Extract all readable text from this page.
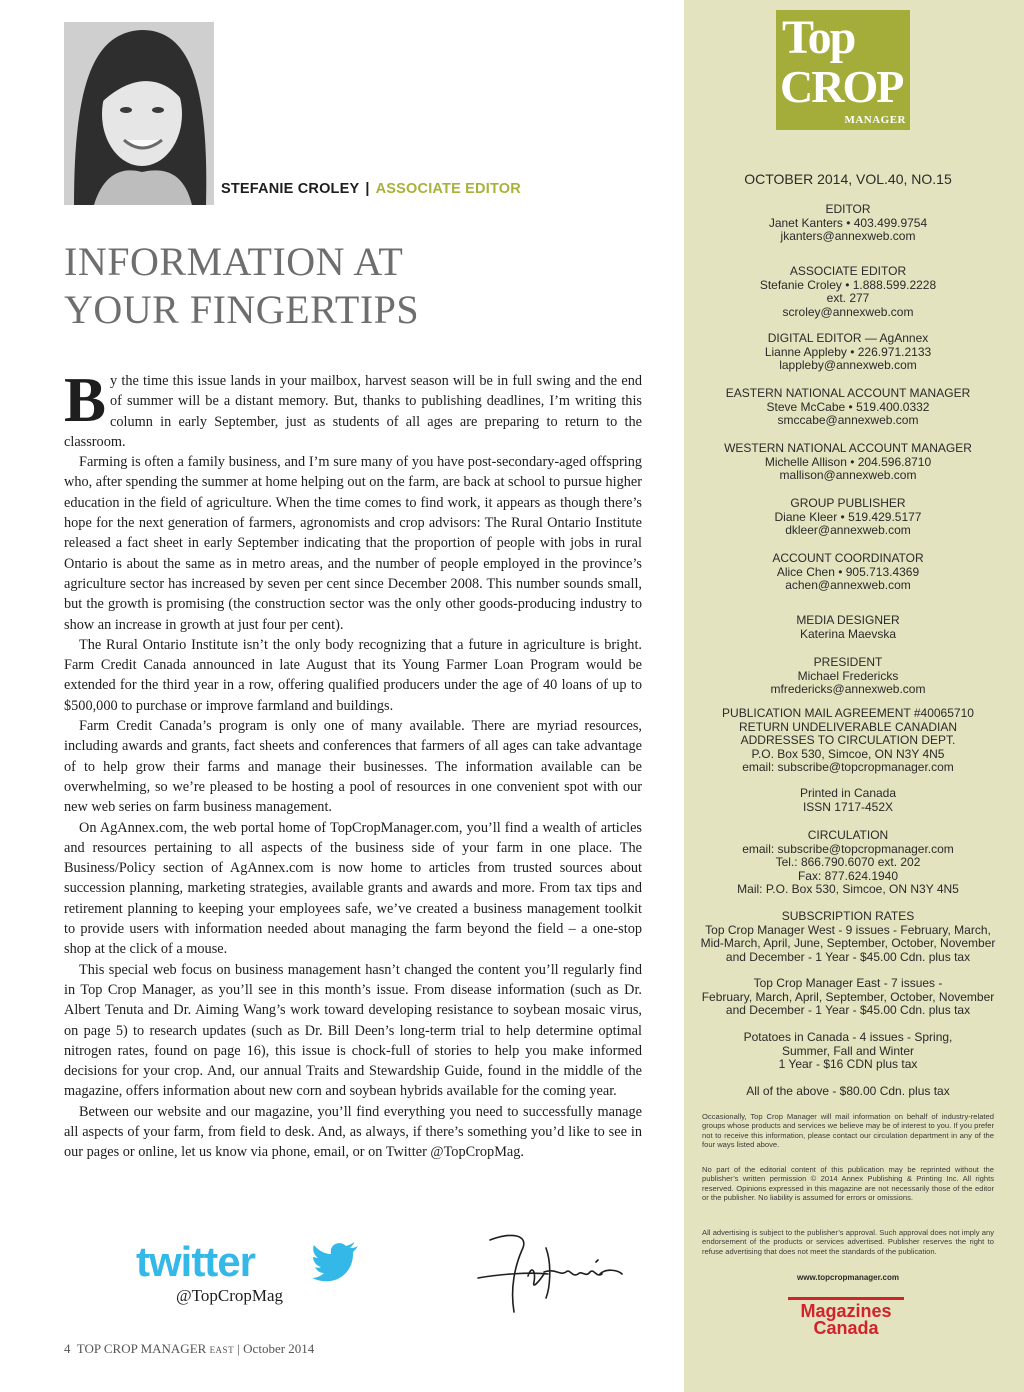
STEFANIE CROLEY | ASSOCIATE EDITOR
INFORMATION AT
YOUR FINGERTIPS

By the time this issue lands in your mailbox, harvest season will be in full swing and the end of summer will be a distant memory. But, thanks to publishing deadlines, I’m writing this column in early September, just as students of all ages are preparing to return to the classroom.

Farming is often a family business, and I’m sure many of you have post-secondary-aged offspring who, after spending the summer at home helping out on the farm, are back at school to pursue higher education in the field of agriculture. When the time comes to find work, it appears as though there’s hope for the next generation of farmers, agronomists and crop advisors: The Rural Ontario Institute released a fact sheet in early September indicating that the proportion of people with jobs in rural Ontario is about the same as in metro areas, and the number of people employed in the province’s agriculture sector has increased by seven per cent since December 2008. This number sounds small, but the growth is promising (the construction sector was the only other goods-producing industry to show an increase in growth at just four per cent).

The Rural Ontario Institute isn’t the only body recognizing that a future in agriculture is bright. Farm Credit Canada announced in late August that its Young Farmer Loan Program would be extended for the third year in a row, offering qualified producers under the age of 40 loans of up to $500,000 to purchase or improve farmland and buildings.

Farm Credit Canada’s program is only one of many available. There are myriad resources, including awards and grants, fact sheets and conferences that farmers of all ages can take advantage of to help grow their farms and manage their businesses. The information available can be overwhelming, so we’re pleased to be hosting a pool of resources in one convenient spot with our new web series on farm business management.

On AgAnnex.com, the web portal home of TopCropManager.com, you’ll find a wealth of articles and resources pertaining to all aspects of the business side of your farm in one place. The Business/Policy section of AgAnnex.com is now home to articles from trusted sources about succession planning, marketing strategies, available grants and awards and more. From tax tips and retirement planning to keeping your employees safe, we’ve created a business management toolkit to provide users with information needed about managing the farm beyond the field – a one-stop shop at the click of a mouse.

This special web focus on business management hasn’t changed the content you’ll regularly find in Top Crop Manager, as you’ll see in this month’s issue. From disease information (such as Dr. Albert Tenuta and Dr. Aiming Wang’s work toward developing resistance to soybean mosaic virus, on page 5) to research updates (such as Dr. Bill Deen’s long-term trial to help determine optimal nitrogen rates, found on page 16), this issue is chock-full of stories to help you make informed decisions for your crop. And, our annual Traits and Stewardship Guide, found in the middle of the magazine, offers information about new corn and soybean hybrids available for the coming year.

Between our website and our magazine, you’ll find everything you need to successfully manage all aspects of your farm, from field to desk. And, as always, if there’s something you’d like to see in our pages or online, let us know via phone, email, or on Twitter @TopCropMag.

twitter
@TopCropMag
4 TOP CROP MANAGER EAST | October 2014
Top
CROP
MANAGER
OCTOBER 2014, VOL.40, NO.15
EDITOR
Janet Kanters • 403.499.9754
jkanters@annexweb.com
ASSOCIATE EDITOR
Stefanie Croley • 1.888.599.2228
ext. 277
scroley@annexweb.com
DIGITAL EDITOR — AgAnnex
Lianne Appleby • 226.971.2133
lappleby@annexweb.com
EASTERN NATIONAL ACCOUNT MANAGER
Steve McCabe • 519.400.0332
smccabe@annexweb.com
WESTERN NATIONAL ACCOUNT MANAGER
Michelle Allison • 204.596.8710
mallison@annexweb.com
GROUP PUBLISHER
Diane Kleer • 519.429.5177
dkleer@annexweb.com
ACCOUNT COORDINATOR
Alice Chen • 905.713.4369
achen@annexweb.com
MEDIA DESIGNER
Katerina Maevska
PRESIDENT
Michael Fredericks
mfredericks@annexweb.com
PUBLICATION MAIL AGREEMENT #40065710
RETURN UNDELIVERABLE CANADIAN
ADDRESSES TO CIRCULATION DEPT.
P.O. Box 530, Simcoe, ON N3Y 4N5
email: subscribe@topcropmanager.com
Printed in Canada
ISSN 1717-452X
CIRCULATION
email: subscribe@topcropmanager.com
Tel.: 866.790.6070 ext. 202
Fax: 877.624.1940
Mail: P.O. Box 530, Simcoe, ON N3Y 4N5
SUBSCRIPTION RATES
Top Crop Manager West - 9 issues - February, March,
Mid-March, April, June, September, October, November
and December - 1 Year - $45.00 Cdn. plus tax
Top Crop Manager East - 7 issues -
February, March, April, September, October, November
and December - 1 Year - $45.00 Cdn. plus tax
Potatoes in Canada - 4 issues - Spring,
Summer, Fall and Winter
1 Year - $16 CDN plus tax
All of the above - $80.00 Cdn. plus tax
Occasionally, Top Crop Manager will mail information on behalf of industry-related groups whose products and services we believe may be of interest to you. If you prefer not to receive this information, please contact our circulation department in any of the four ways listed above.
No part of the editorial content of this publication may be reprinted without the publisher’s written permission © 2014 Annex Publishing & Printing Inc. All rights reserved. Opinions expressed in this magazine are not necessarily those of the editor or the publisher. No liability is assumed for errors or omissions.
All advertising is subject to the publisher’s approval. Such approval does not imply any endorsement of the products or services advertised. Publisher reserves the right to refuse advertising that does not meet the standards of the publication.
www.topcropmanager.com
Magazines
Canada
